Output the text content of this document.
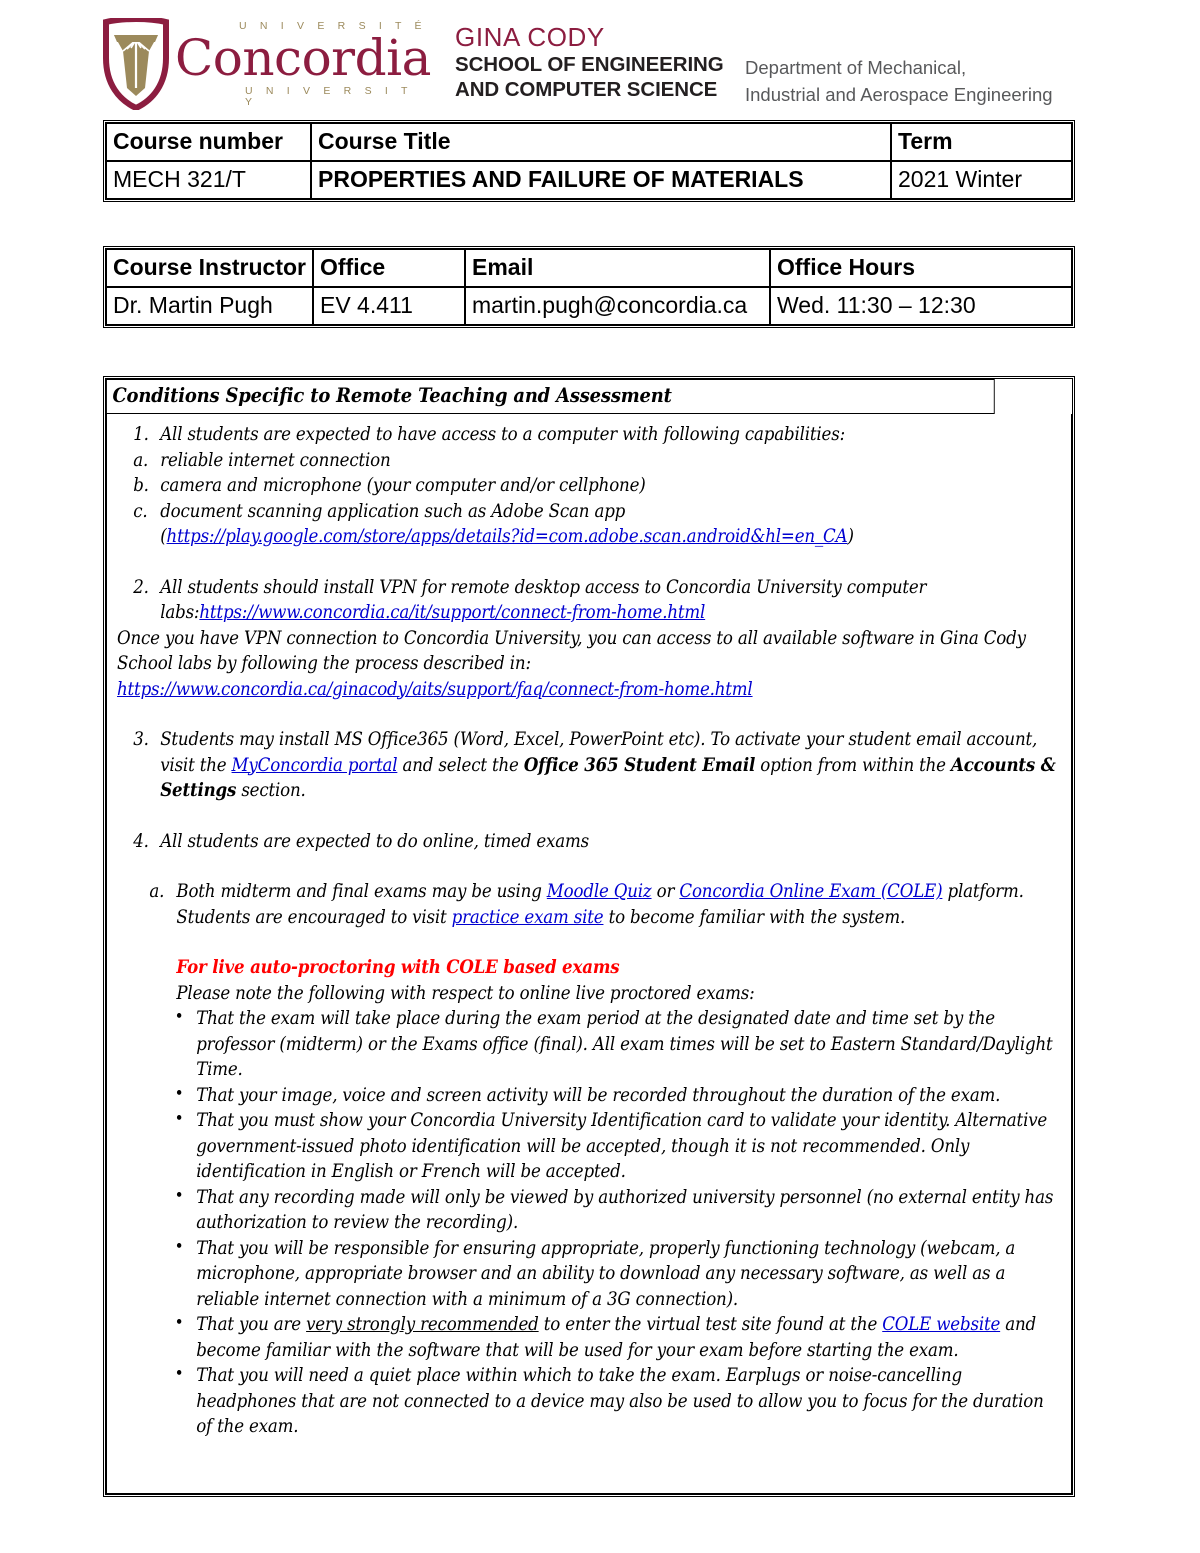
U N I V E R S I T É
Concordia
U N I V E R S I T Y
GINA CODY
SCHOOL OF ENGINEERING
AND COMPUTER SCIENCE
Department of Mechanical,
Industrial and Aerospace Engineering
Course number	Course Title	Term
MECH 321/T	PROPERTIES AND FAILURE OF MATERIALS	2021 Winter
Course Instructor	Office	Email	Office Hours
Dr. Martin Pugh	EV 4.411	martin.pugh@concordia.ca	Wed. 11:30 – 12:30
Conditions Specific to Remote Teaching and Assessment
1. All students are expected to have access to a computer with following capabilities:
a. reliable internet connection
b. camera and microphone (your computer and/or cellphone)
c. document scanning application such as Adobe Scan app
(https://play.google.com/store/apps/details?id=com.adobe.scan.android&hl=en_CA)
2. All students should install VPN for remote desktop access to Concordia University computer labs:https://www.concordia.ca/it/support/connect-from-home.html
Once you have VPN connection to Concordia University, you can access to all available software in Gina Cody School labs by following the process described in:
https://www.concordia.ca/ginacody/aits/support/faq/connect-from-home.html
3. Students may install MS Office365 (Word, Excel, PowerPoint etc). To activate your student email account, visit the MyConcordia portal and select the Office 365 Student Email option from within the Accounts & Settings section.
4. All students are expected to do online, timed exams
a. Both midterm and final exams may be using Moodle Quiz or Concordia Online Exam (COLE) platform. Students are encouraged to visit practice exam site to become familiar with the system.
For live auto-proctoring with COLE based exams
Please note the following with respect to online live proctored exams:
• That the exam will take place during the exam period at the designated date and time set by the professor (midterm) or the Exams office (final). All exam times will be set to Eastern Standard/Daylight Time.
• That your image, voice and screen activity will be recorded throughout the duration of the exam.
• That you must show your Concordia University Identification card to validate your identity. Alternative government-issued photo identification will be accepted, though it is not recommended. Only identification in English or French will be accepted.
• That any recording made will only be viewed by authorized university personnel (no external entity has authorization to review the recording).
• That you will be responsible for ensuring appropriate, properly functioning technology (webcam, a microphone, appropriate browser and an ability to download any necessary software, as well as a reliable internet connection with a minimum of a 3G connection).
• That you are very strongly recommended to enter the virtual test site found at the COLE website and become familiar with the software that will be used for your exam before starting the exam.
• That you will need a quiet place within which to take the exam. Earplugs or noise-cancelling headphones that are not connected to a device may also be used to allow you to focus for the duration of the exam.
